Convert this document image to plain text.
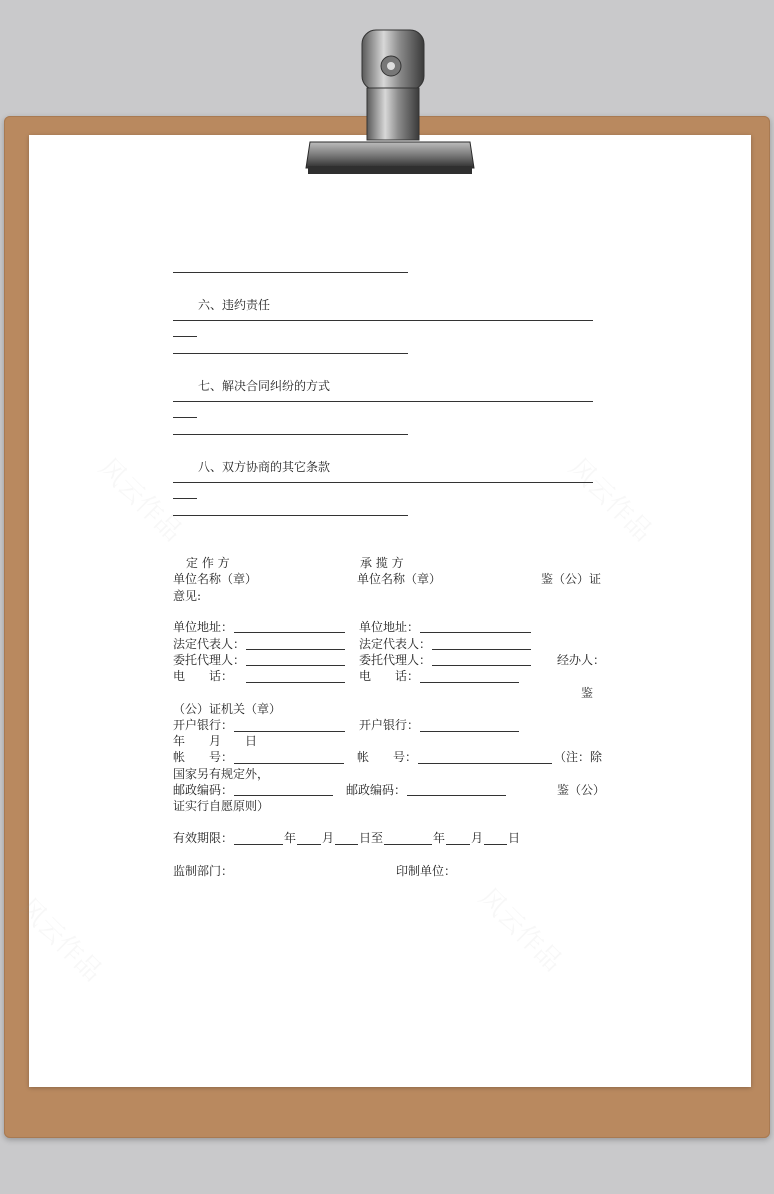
风云作品	风云作品
风云作品	风云作品
六、违约责任
七、解决合同纠纷的方式
八、双方协商的其它条款
定 作 方	承 揽 方
单位名称（章）	单位名称（章）	鉴（公）证
意见:
单位地址：	单位地址：
法定代表人：	法定代表人：
委托代理人：	委托代理人：	经办人：
电　　话：	电　　话：
鉴
（公）证机关（章）
开户银行：	开户银行：
年　　月　　日
帐　　号：	帐　　号：	（注：除
国家另有规定外，
邮政编码：	邮政编码：	鉴（公）
证实行自愿原则）
有效期限：	年 月 日至	年 月 日
监制部门：	印制单位：
